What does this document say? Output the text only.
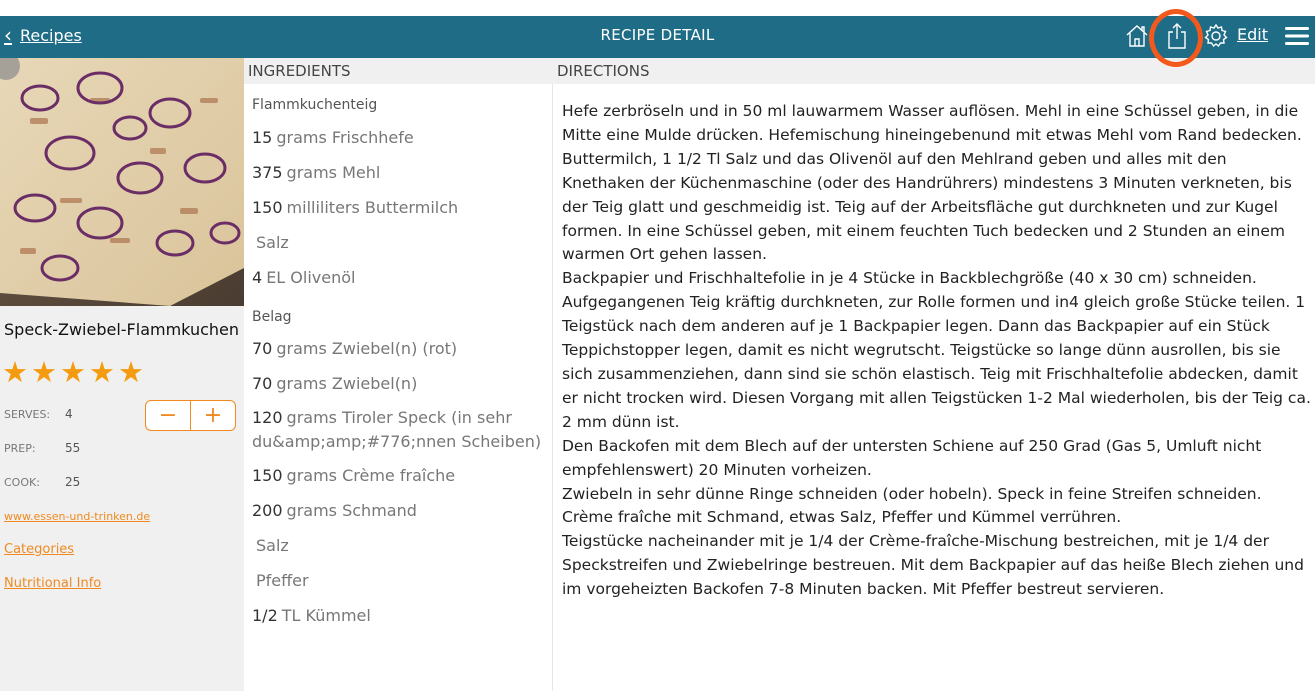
‹ Recipes	RECIPE DETAIL	Edit
Speck-Zwiebel-Flammkuchen
★ ★ ★ ★ ★
SERVES: 4	−	+
PREP: 55
COOK: 25
www.essen-und-trinken.de
Categories
Nutritional Info
INGREDIENTS
Flammkuchenteig
15 grams Frischhefe
375 grams Mehl
150 milliliters Buttermilch
Salz
4 EL Olivenöl
Belag
70 grams Zwiebel(n) (rot)
70 grams Zwiebel(n)
120 grams Tiroler Speck (in sehr du&amp;amp;#776;nnen Scheiben)
150 grams Crème fraîche
200 grams Schmand
Salz
Pfeffer
1/2 TL Kümmel
DIRECTIONS

Hefe zerbröseln und in 50 ml lauwarmem Wasser auflösen. Mehl in eine Schüssel geben, in die Mitte eine Mulde drücken. Hefemischung hineingebenund mit etwas Mehl vom Rand bedecken. Buttermilch, 1 1/2 Tl Salz und das Olivenöl auf den Mehlrand geben und alles mit den Knethaken der Küchenmaschine (oder des Handrührers) mindestens 3 Minuten verkneten, bis der Teig glatt und geschmeidig ist. Teig auf der Arbeitsfläche gut durchkneten und zur Kugel formen. In eine Schüssel geben, mit einem feuchten Tuch bedecken und 2 Stunden an einem warmen Ort gehen lassen.

Backpapier und Frischhaltefolie in je 4 Stücke in Backblechgröße (40 x 30 cm) schneiden. Aufgegangenen Teig kräftig durchkneten, zur Rolle formen und in4 gleich große Stücke teilen. 1 Teigstück nach dem anderen auf je 1 Backpapier legen. Dann das Backpapier auf ein Stück Teppichstopper legen, damit es nicht wegrutscht. Teigstücke so lange dünn ausrollen, bis sie sich zusammenziehen, dann sind sie schön elastisch. Teig mit Frischhaltefolie abdecken, damit er nicht trocken wird. Diesen Vorgang mit allen Teigstücken 1-2 Mal wiederholen, bis der Teig ca. 2 mm dünn ist.

Den Backofen mit dem Blech auf der untersten Schiene auf 250 Grad (Gas 5, Umluft nicht empfehlenswert) 20 Minuten vorheizen.

Zwiebeln in sehr dünne Ringe schneiden (oder hobeln). Speck in feine Streifen schneiden. Crème fraîche mit Schmand, etwas Salz, Pfeffer und Kümmel verrühren.

Teigstücke nacheinander mit je 1/4 der Crème-fraîche-Mischung bestreichen, mit je 1/4 der Speckstreifen und Zwiebelringe bestreuen. Mit dem Backpapier auf das heiße Blech ziehen und im vorgeheizten Backofen 7-8 Minuten backen. Mit Pfeffer bestreut servieren.
